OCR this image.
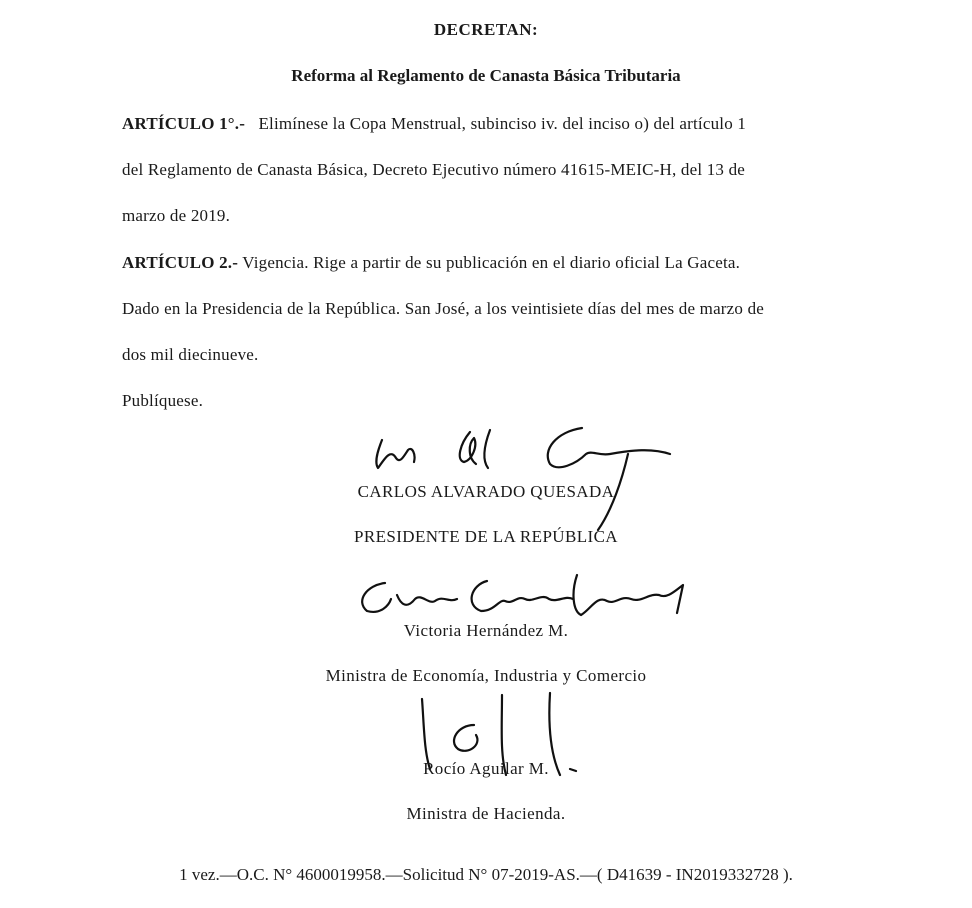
DECRETAN:
Reforma al Reglamento de Canasta Básica Tributaria
ARTÍCULO 1°.- Elimínese la Copa Menstrual, subinciso iv. del inciso o) del artículo 1
del Reglamento de Canasta Básica, Decreto Ejecutivo número 41615-MEIC-H, del 13 de
marzo de 2019.
ARTÍCULO 2.- Vigencia. Rige a partir de su publicación en el diario oficial La Gaceta.
Dado en la Presidencia de la República. San José, a los veintisiete días del mes de marzo de
dos mil diecinueve.
Publíquese.
CARLOS ALVARADO QUESADA
PRESIDENTE DE LA REPÚBLICA
Victoria Hernández M.
Ministra de Economía, Industria y Comercio
Rocío Aguilar M.
Ministra de Hacienda.
1 vez.—O.C. N° 4600019958.—Solicitud N° 07-2019-AS.—( D41639 - IN2019332728 ).
